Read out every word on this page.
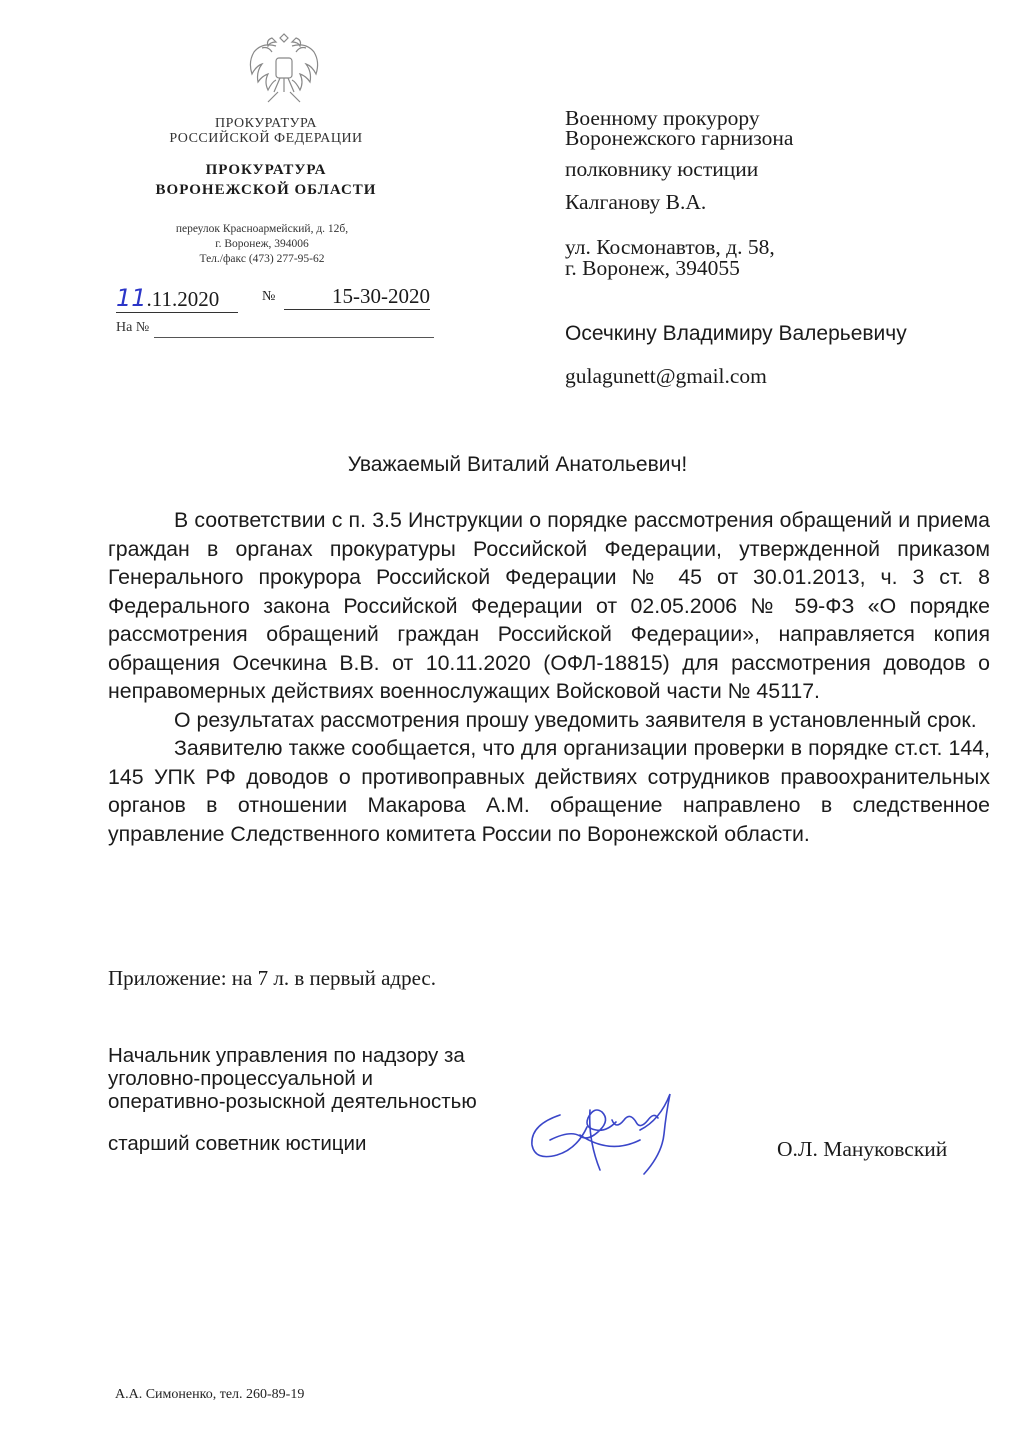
ПРОКУРАТУРА
РОССИЙСКОЙ ФЕДЕРАЦИИ
ПРОКУРАТУРА
ВОРОНЕЖСКОЙ ОБЛАСТИ
переулок Красноармейский, д. 12б,
г. Воронеж, 394006
Тел./факс (473) 277-95-62
11.11.2020	№	15-30-2020
На №
Военному прокурору
Воронежского гарнизона
полковнику юстиции
Калганову В.А.
ул. Космонавтов, д. 58,
г. Воронеж, 394055
Осечкину Владимиру Валерьевичу
gulagunett@gmail.com
Уважаемый Виталий Анатольевич!

В соответствии с п. 3.5 Инструкции о порядке рассмотрения обращений и приема граждан в органах прокуратуры Российской Федерации, утвержденной приказом Генерального прокурора Российской Федерации № 45 от 30.01.2013, ч. 3 ст. 8 Федерального закона Российской Федерации от 02.05.2006 № 59-ФЗ «О порядке рассмотрения обращений граждан Российской Федерации», направляется копия обращения Осечкина В.В. от 10.11.2020 (ОФЛ-18815) для рассмотрения доводов о неправомерных действиях военнослужащих Войсковой части № 45117.

О результатах рассмотрения прошу уведомить заявителя в установленный срок.

Заявителю также сообщается, что для организации проверки в порядке ст.ст. 144, 145 УПК РФ доводов о противоправных действиях сотрудников правоохранительных органов в отношении Макарова А.М. обращение направлено в следственное управление Следственного комитета России по Воронежской области.

Приложение: на 7 л. в первый адрес.
Начальник управления по надзору за
уголовно-процессуальной и
оперативно-розыскной деятельностью
старший советник юстиции	О.Л. Мануковский
А.А. Симоненко, тел. 260-89-19
